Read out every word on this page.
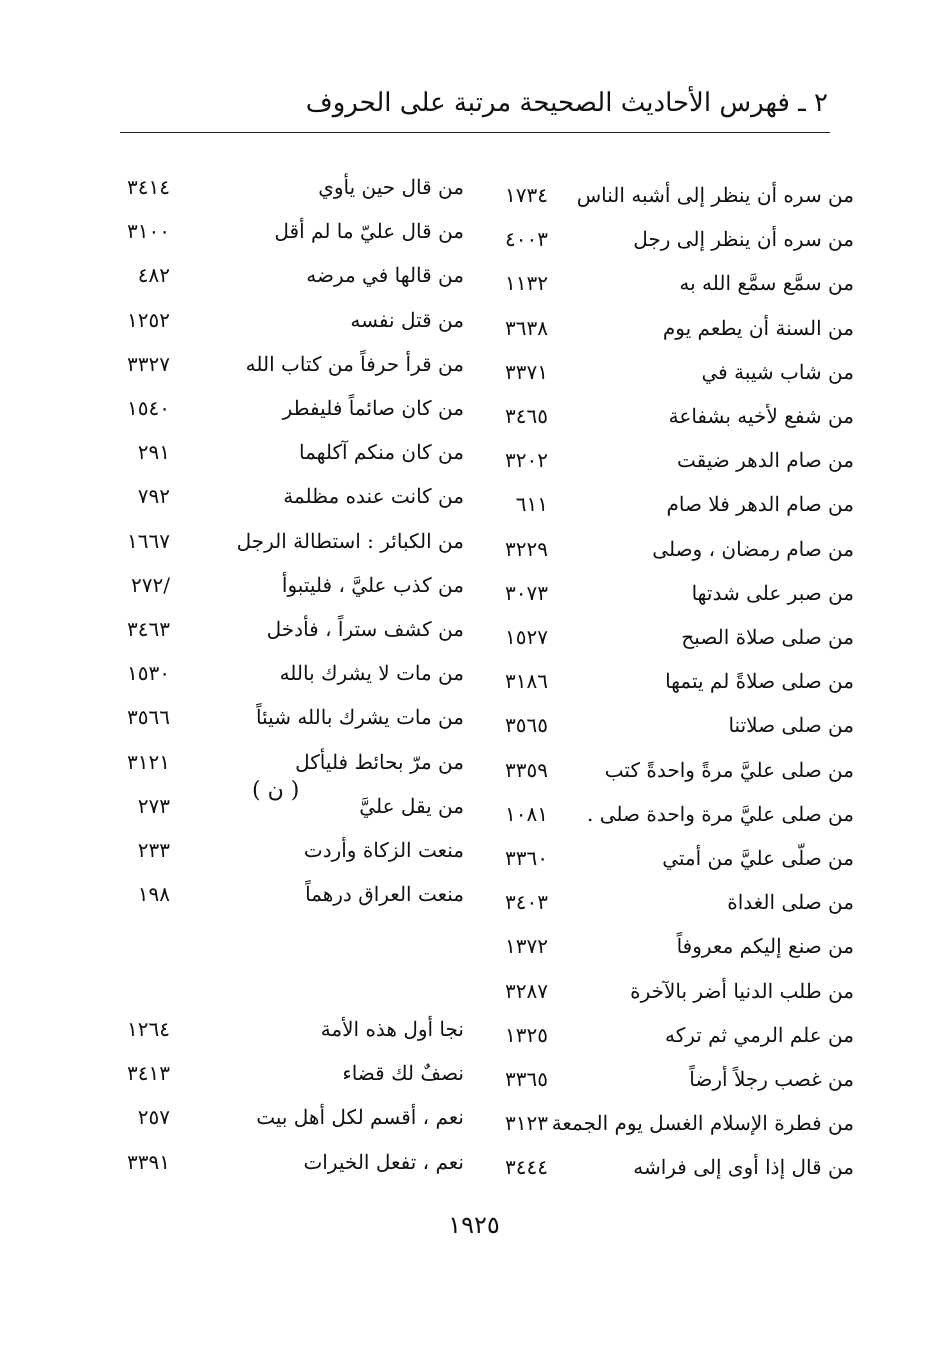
٢ ـ فهرس الأحاديث الصحيحة مرتبة على الحروف
من سره أن ينظر إلى أشبه الناس
١٧٣٤
من سره أن ينظر إلى رجل
٤٠٠٣
من سمَّع سمَّع الله به
١١٣٢
من السنة أن يطعم يوم
٣٦٣٨
من شاب شيبة في
٣٣٧١
من شفع لأخيه بشفاعة
٣٤٦٥
من صام الدهر ضيقت
٣٢٠٢
من صام الدهر فلا صام
٦١١
من صام رمضان ، وصلى
٣٢٢٩
من صبر على شدتها
٣٠٧٣
من صلى صلاة الصبح
١٥٢٧
من صلى صلاةً لم يتمها
٣١٨٦
من صلى صلاتنا
٣٥٦٥
من صلى عليَّ مرةً واحدةً كتب
٣٣٥٩
من صلى عليَّ مرة واحدة صلى .
١٠٨١
من صلّى عليَّ من أمتي
٣٣٦٠
من صلى الغداة
٣٤٠٣
من صنع إليكم معروفاً
١٣٧٢
من طلب الدنيا أضر بالآخرة
٣٢٨٧
من علم الرمي ثم تركه
١٣٢٥
من غصب رجلاً أرضاً
٣٣٦٥
من فطرة الإسلام الغسل يوم الجمعة
٣١٢٣
من قال إذا أوى إلى فراشه
٣٤٤٤
من قال حين يأوي
٣٤١٤
من قال عليّ ما لم أقل
٣١٠٠
من قالها في مرضه
٤٨٢
من قتل نفسه
١٢٥٢
من قرأ حرفاً من كتاب الله
٣٣٢٧
من كان صائماً فليفطر
١٥٤٠
من كان منكم آكلهما
٢٩١
من كانت عنده مظلمة
٧٩٢
من الكبائر : استطالة الرجل
١٦٦٧
من كذب عليَّ ، فليتبوأ
/٢٧٢
من كشف ستراً ، فأدخل
٣٤٦٣
من مات لا يشرك بالله
١٥٣٠
من مات يشرك بالله شيئاً
٣٥٦٦
من مرّ بحائط فليأكل
٣١٢١
من يقل عليَّ
٢٧٣
منعت الزكاة وأردت
٢٣٣
منعت العراق درهماً
١٩٨
نجا أول هذه الأمة
١٢٦٤
نصفٌ لك قضاء
٣٤١٣
نعم ، أقسم لكل أهل بيت
٢٥٧
نعم ، تفعل الخيرات
٣٣٩١
( ن )
١٩٢٥
